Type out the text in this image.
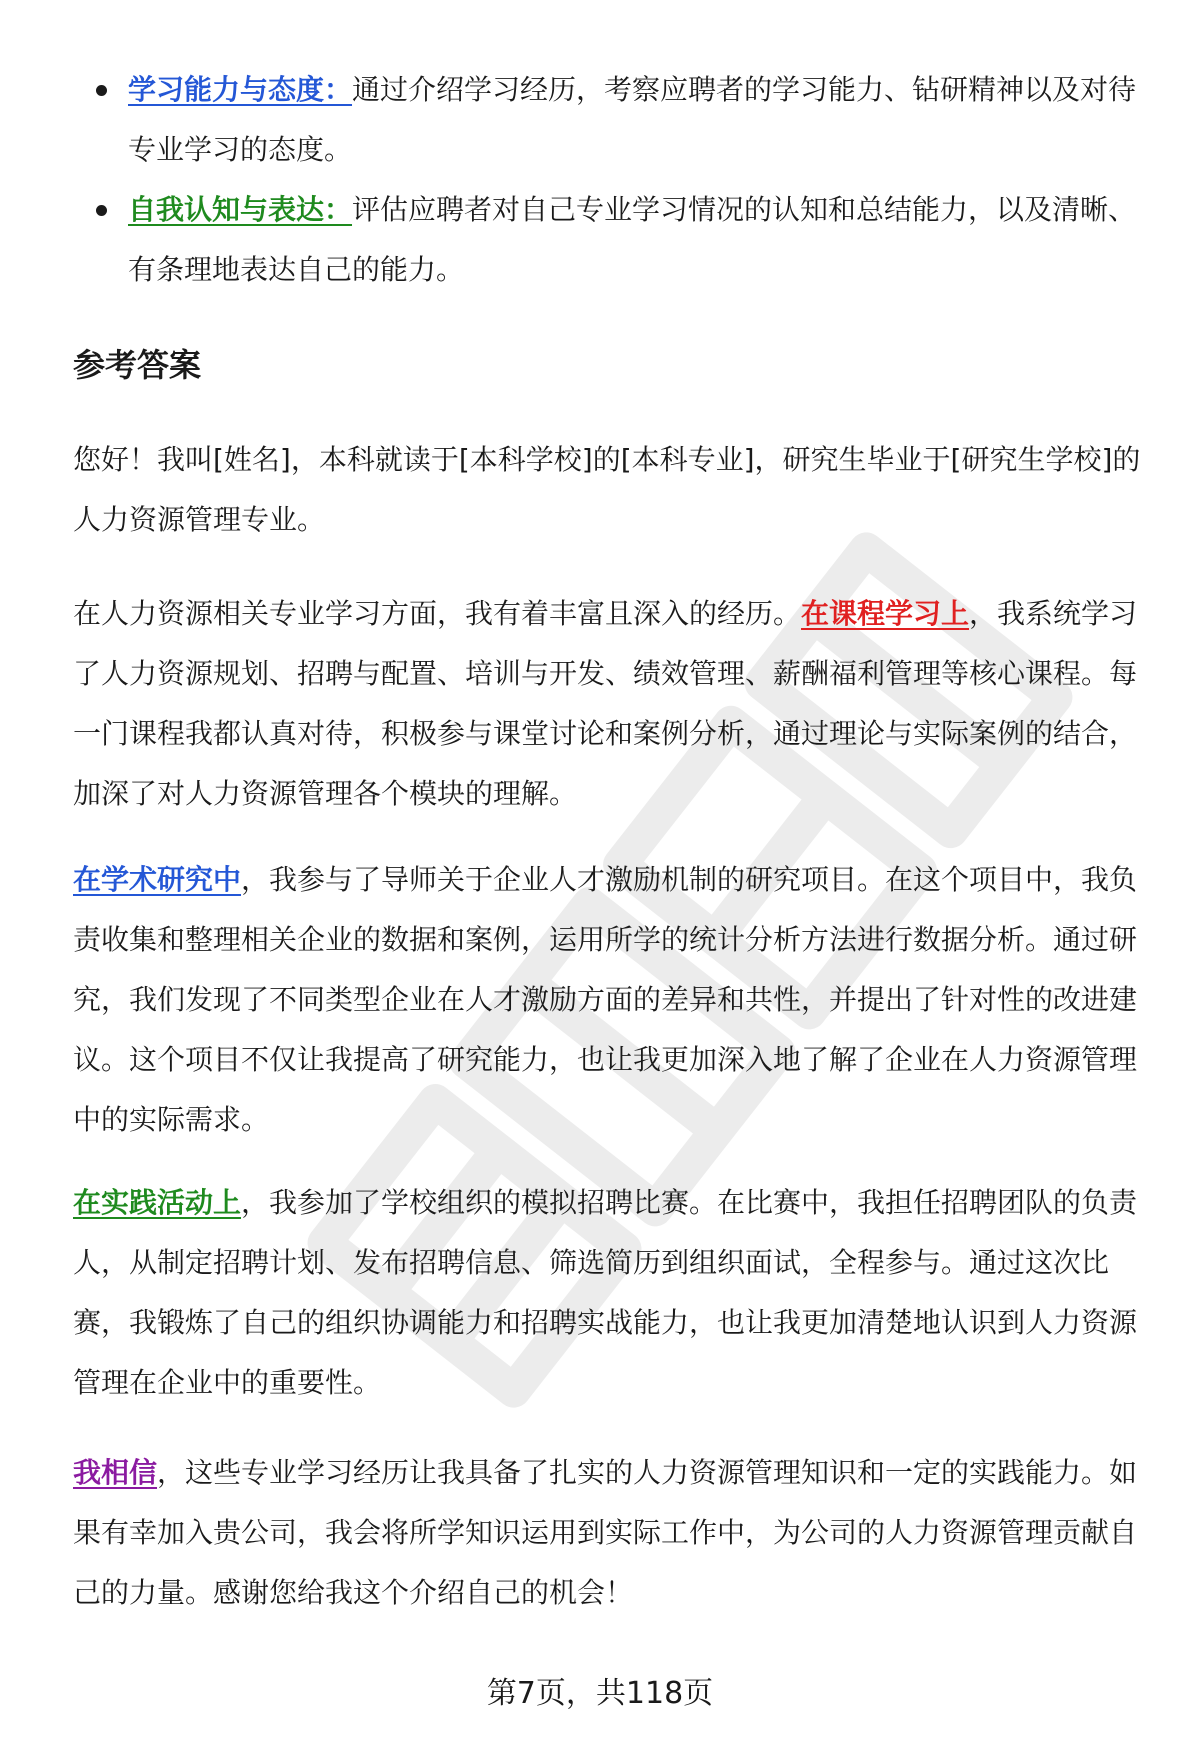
学习能力与态度：通过介绍学习经历，考察应聘者的学习能力、钻研精神以及对待专业学习的态度。
自我认知与表达：评估应聘者对自己专业学习情况的认知和总结能力，以及清晰、有条理地表达自己的能力。
参考答案

您好！我叫[姓名]，本科就读于[本科学校]的[本科专业]，研究生毕业于[研究生学校]的人力资源管理专业。

在人力资源相关专业学习方面，我有着丰富且深入的经历。在课程学习上，我系统学习了人力资源规划、招聘与配置、培训与开发、绩效管理、薪酬福利管理等核心课程。每一门课程我都认真对待，积极参与课堂讨论和案例分析，通过理论与实际案例的结合，加深了对人力资源管理各个模块的理解。

在学术研究中，我参与了导师关于企业人才激励机制的研究项目。在这个项目中，我负责收集和整理相关企业的数据和案例，运用所学的统计分析方法进行数据分析。通过研究，我们发现了不同类型企业在人才激励方面的差异和共性，并提出了针对性的改进建议。这个项目不仅让我提高了研究能力，也让我更加深入地了解了企业在人力资源管理中的实际需求。

在实践活动上，我参加了学校组织的模拟招聘比赛。在比赛中，我担任招聘团队的负责人，从制定招聘计划、发布招聘信息、筛选简历到组织面试，全程参与。通过这次比赛，我锻炼了自己的组织协调能力和招聘实战能力，也让我更加清楚地认识到人力资源管理在企业中的重要性。

我相信，这些专业学习经历让我具备了扎实的人力资源管理知识和一定的实践能力。如果有幸加入贵公司，我会将所学知识运用到实际工作中，为公司的人力资源管理贡献自己的力量。感谢您给我这个介绍自己的机会！

第7页，共118页
